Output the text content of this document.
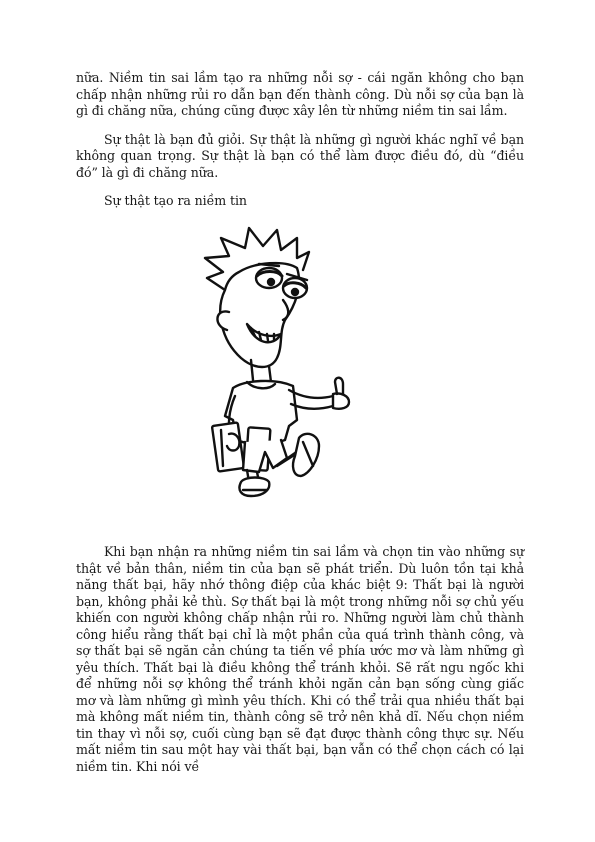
nữa. Niềm tin sai lầm tạo ra những nỗi sợ - cái ngăn không cho bạn chấp nhận những rủi ro dẫn bạn đến thành công. Dù nỗi sợ của bạn là gì đi chăng nữa, chúng cũng được xây lên từ những niềm tin sai lầm.

Sự thật là bạn đủ giỏi. Sự thật là những gì người khác nghĩ về bạn không quan trọng. Sự thật là bạn có thể làm được điều đó, dù “điều đó” là gì đi chăng nữa.

Sự thật tạo ra niềm tin

Khi bạn nhận ra những niềm tin sai lầm và chọn tin vào những sự thật về bản thân, niềm tin của bạn sẽ phát triển. Dù luôn tồn tại khả năng thất bại, hãy nhớ thông điệp của khác biệt 9: Thất bại là người bạn, không phải kẻ thù. Sợ thất bại là một trong những nỗi sợ chủ yếu khiến con người không chấp nhận rủi ro. Những người làm chủ thành công hiểu rằng thất bại chỉ là một phần của quá trình thành công, và sợ thất bại sẽ ngăn cản chúng ta tiến về phía ước mơ và làm những gì yêu thích. Thất bại là điều không thể tránh khỏi. Sẽ rất ngu ngốc khi để những nỗi sợ không thể tránh khỏi ngăn cản bạn sống cùng giấc mơ và làm những gì mình yêu thích. Khi có thể trải qua nhiều thất bại mà không mất niềm tin, thành công sẽ trở nên khả dĩ. Nếu chọn niềm tin thay vì nỗi sợ, cuối cùng bạn sẽ đạt được thành công thực sự. Nếu mất niềm tin sau một hay vài thất bại, bạn vẫn có thể chọn cách có lại niềm tin. Khi nói về
